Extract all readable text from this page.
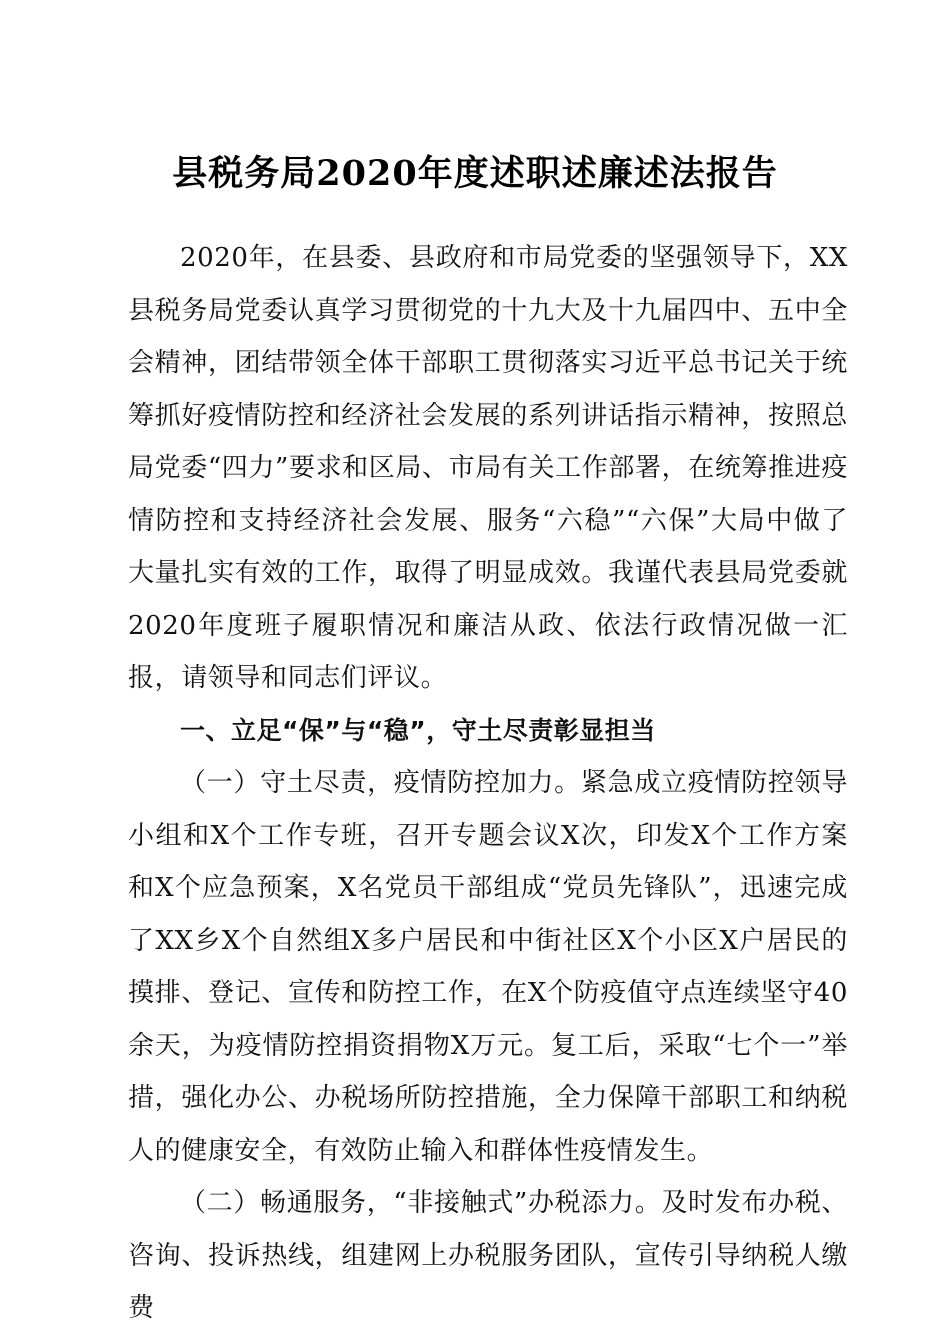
县税务局2020年度述职述廉述法报告

2020年，在县委、县政府和市局党委的坚强领导下，XX县税务局党委认真学习贯彻党的十九大及十九届四中、五中全会精神，团结带领全体干部职工贯彻落实习近平总书记关于统筹抓好疫情防控和经济社会发展的系列讲话指示精神，按照总局党委“四力”要求和区局、市局有关工作部署，在统筹推进疫情防控和支持经济社会发展、服务“六稳”“六保”大局中做了大量扎实有效的工作，取得了明显成效。我谨代表县局党委就2020年度班子履职情况和廉洁从政、依法行政情况做一汇报，请领导和同志们评议。

一、立足“保”与“稳”，守土尽责彰显担当

（一）守土尽责，疫情防控加力。紧急成立疫情防控领导小组和X个工作专班，召开专题会议X次，印发X个工作方案和X个应急预案，X名党员干部组成“党员先锋队”，迅速完成了XX乡X个自然组X多户居民和中街社区X个小区X户居民的摸排、登记、宣传和防控工作，在X个防疫值守点连续坚守40余天，为疫情防控捐资捐物X万元。复工后，采取“七个一”举措，强化办公、办税场所防控措施，全力保障干部职工和纳税人的健康安全，有效防止输入和群体性疫情发生。

（二）畅通服务，“非接触式”办税添力。及时发布办税、咨询、投诉热线，组建网上办税服务团队，宣传引导纳税人缴费
